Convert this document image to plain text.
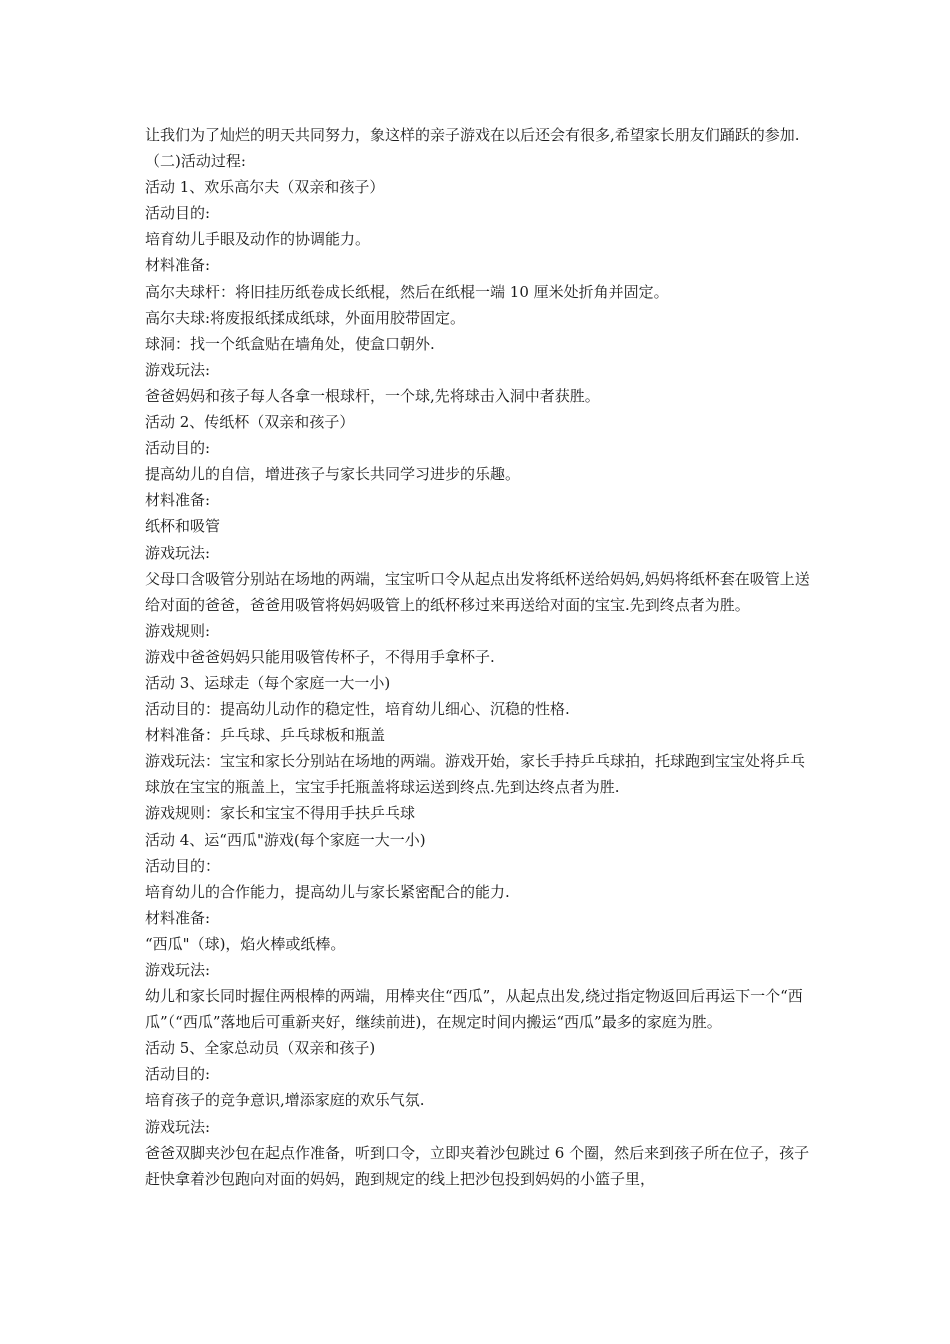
让我们为了灿烂的明天共同努力，象这样的亲子游戏在以后还会有很多,希望家长朋友们踊跃的参加.

（二)活动过程:

活动 1、欢乐高尔夫（双亲和孩子）

活动目的:

培育幼儿手眼及动作的协调能力。

材料准备:

高尔夫球杆：将旧挂历纸卷成长纸棍，然后在纸棍一端 10 厘米处折角并固定。

高尔夫球:将废报纸揉成纸球，外面用胶带固定。

球洞：找一个纸盒贴在墙角处，使盒口朝外.

游戏玩法:

爸爸妈妈和孩子每人各拿一根球杆，一个球,先将球击入洞中者获胜。

活动 2、传纸杯（双亲和孩子）

活动目的:

提高幼儿的自信，增进孩子与家长共同学习进步的乐趣。

材料准备:

纸杯和吸管

游戏玩法:

父母口含吸管分别站在场地的两端，宝宝听口令从起点出发将纸杯送给妈妈,妈妈将纸杯套在吸管上送给对面的爸爸，爸爸用吸管将妈妈吸管上的纸杯移过来再送给对面的宝宝.先到终点者为胜。

游戏规则:

游戏中爸爸妈妈只能用吸管传杯子，不得用手拿杯子.

活动 3、运球走（每个家庭一大一小)

活动目的：提高幼儿动作的稳定性，培育幼儿细心、沉稳的性格.

材料准备：乒乓球、乒乓球板和瓶盖

游戏玩法：宝宝和家长分别站在场地的两端。游戏开始，家长手持乒乓球拍，托球跑到宝宝处将乒乓球放在宝宝的瓶盖上，宝宝手托瓶盖将球运送到终点.先到达终点者为胜.

游戏规则：家长和宝宝不得用手扶乒乓球

活动 4、运“西瓜"游戏(每个家庭一大一小)

活动目的：

培育幼儿的合作能力，提高幼儿与家长紧密配合的能力.

材料准备:

“西瓜"（球)，焰火棒或纸棒。

游戏玩法:

幼儿和家长同时握住两根棒的两端，用棒夹住“西瓜”，从起点出发,绕过指定物返回后再运下一个“西瓜”（“西瓜”落地后可重新夹好，继续前进)，在规定时间内搬运“西瓜”最多的家庭为胜。

活动 5、全家总动员（双亲和孩子)

活动目的:

培育孩子的竞争意识,增添家庭的欢乐气氛.

游戏玩法:

爸爸双脚夹沙包在起点作准备，听到口令，立即夹着沙包跳过 6 个圈，然后来到孩子所在位子，孩子赶快拿着沙包跑向对面的妈妈，跑到规定的线上把沙包投到妈妈的小篮子里，
